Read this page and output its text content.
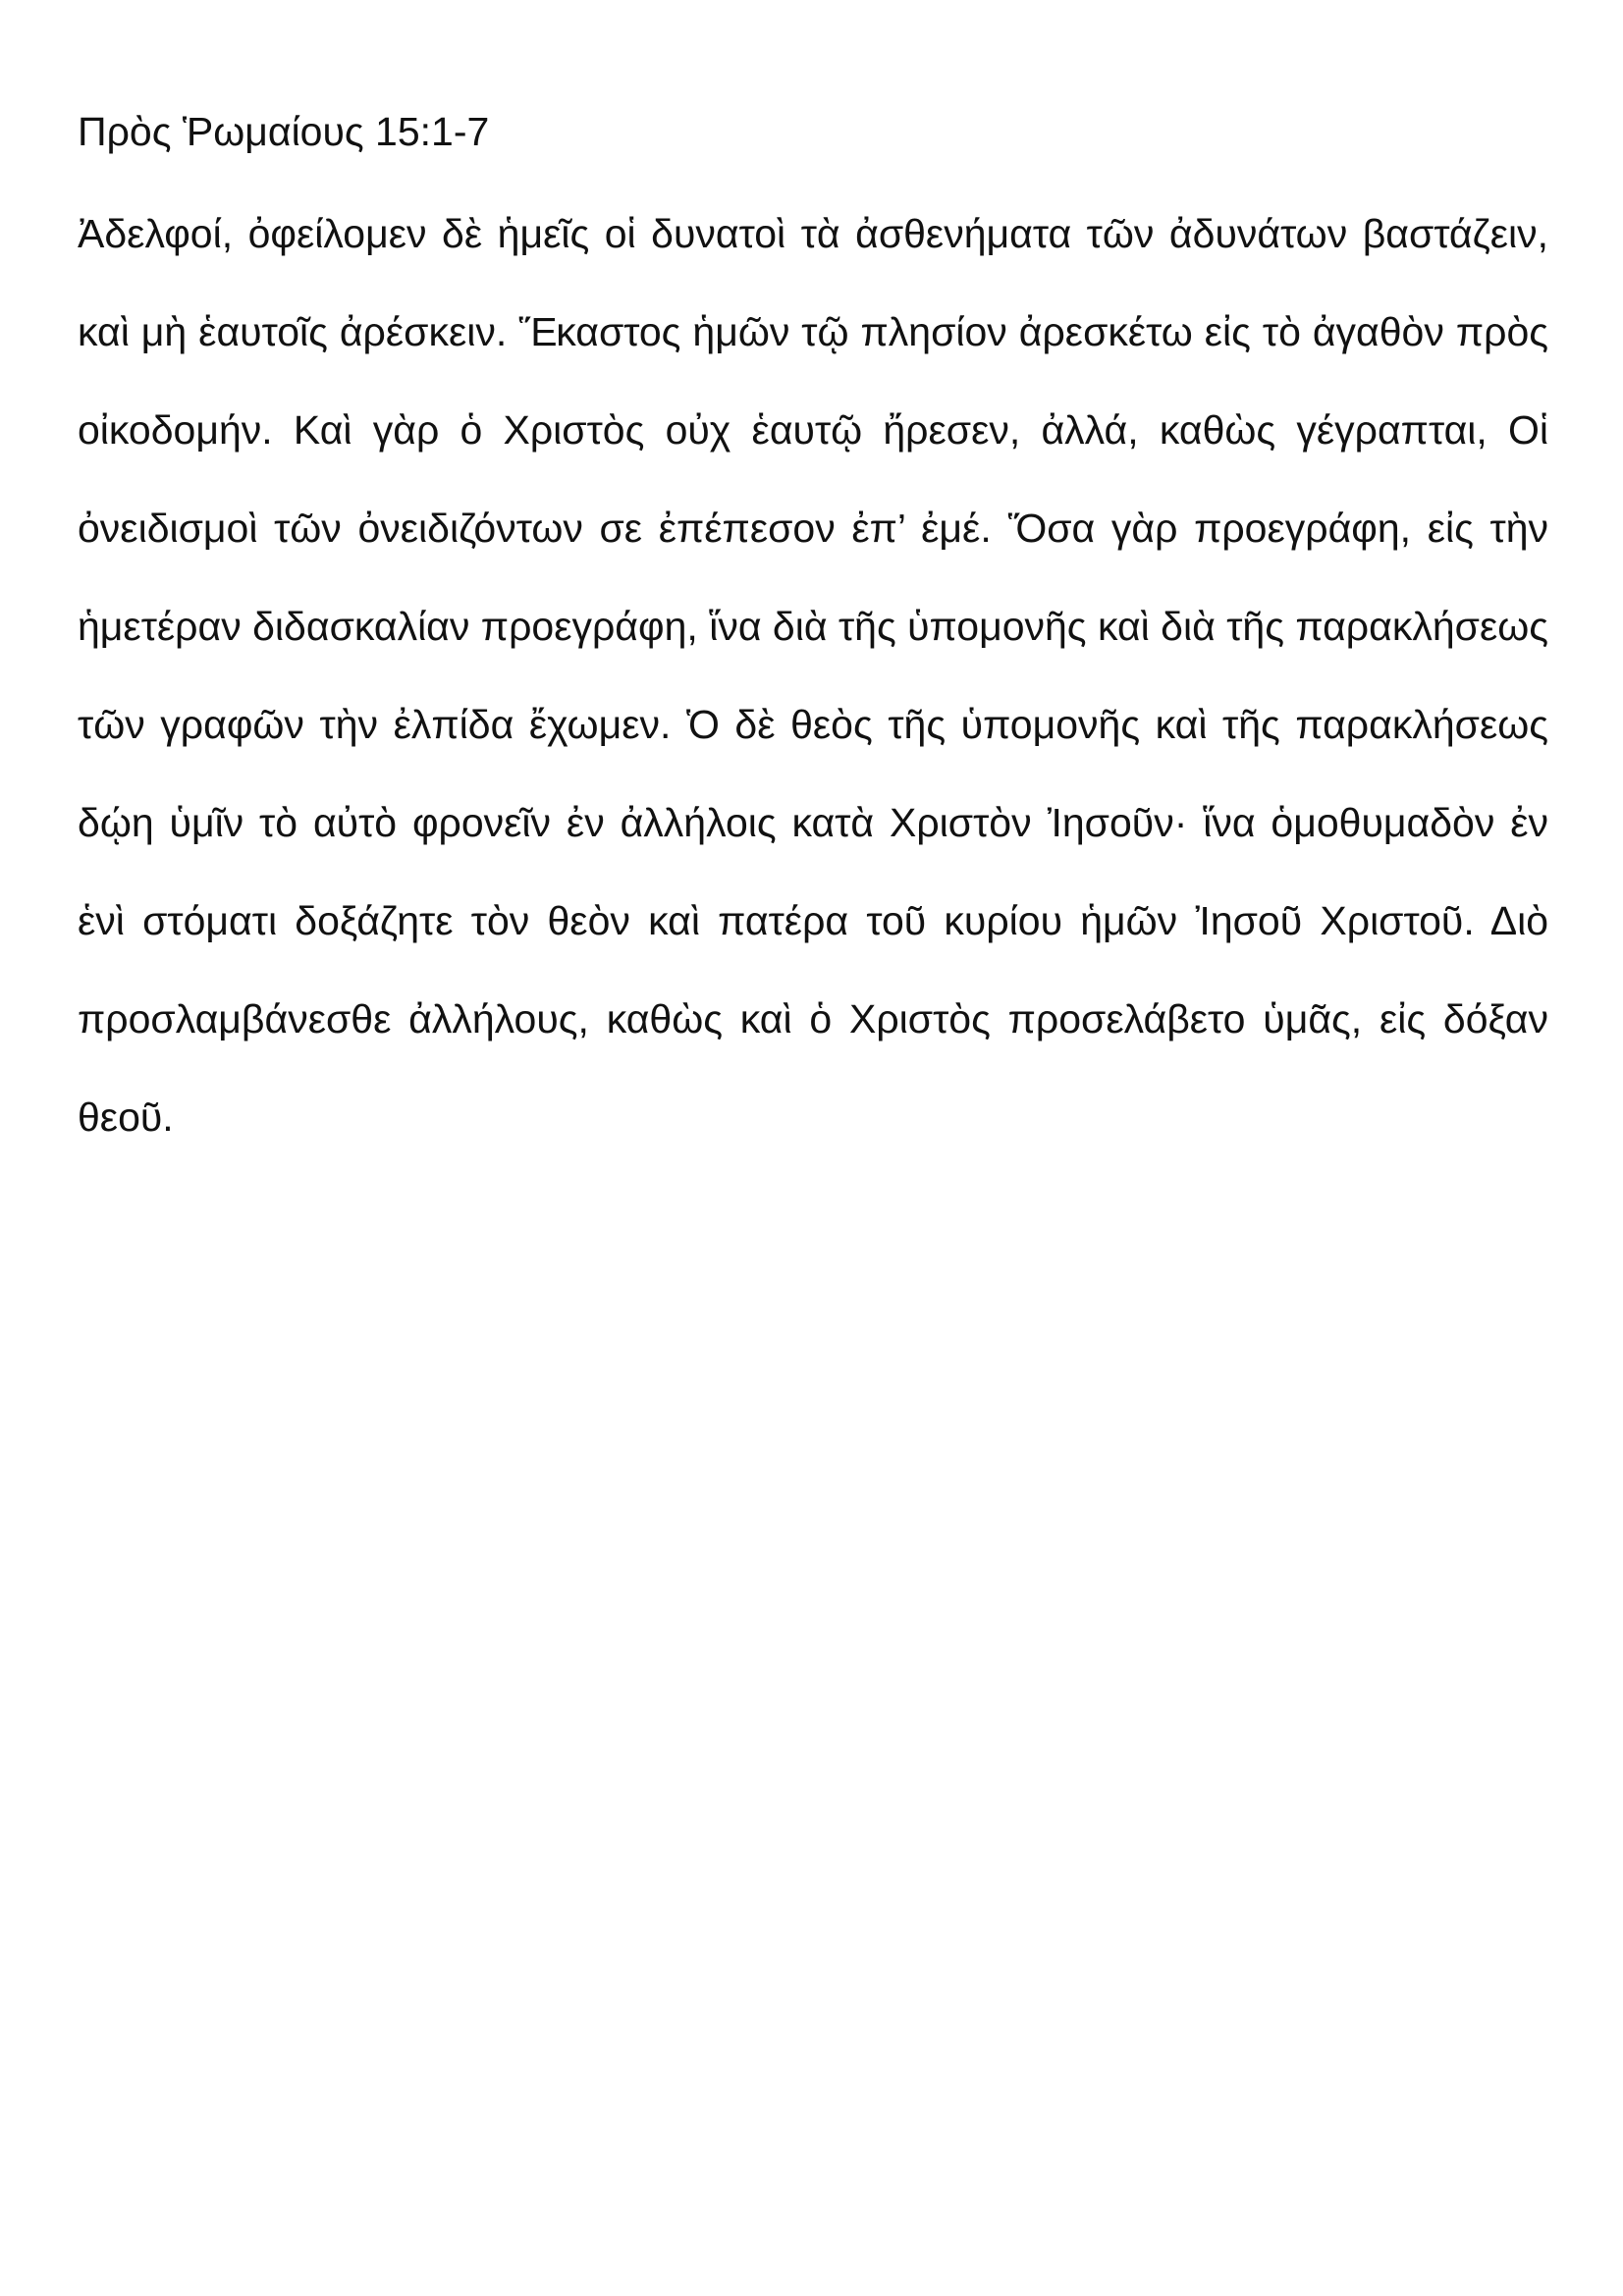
Πρὸς Ῥωμαίους 15:1-7

Ἀδελφοί, ὀφείλομεν δὲ ἡμεῖς οἱ δυνατοὶ τὰ ἀσθενήματα τῶν ἀδυνάτων βαστάζειν, καὶ μὴ ἑαυτοῖς ἀρέσκειν. Ἕκαστος ἡμῶν τῷ πλησίον ἀρεσκέτω εἰς τὸ ἀγαθὸν πρὸς οἰκοδομήν. Καὶ γὰρ ὁ Χριστὸς οὐχ ἑαυτῷ ἤρεσεν, ἀλλά, καθὼς γέγραπται, Οἱ ὀνειδισμοὶ τῶν ὀνειδιζόντων σε ἐπέπεσον ἐπ’ ἐμέ. Ὅσα γὰρ προεγράφη, εἰς τὴν ἡμετέραν διδασκαλίαν προεγράφη, ἵνα διὰ τῆς ὑπομονῆς καὶ διὰ τῆς παρακλήσεως τῶν γραφῶν τὴν ἐλπίδα ἔχωμεν. Ὁ δὲ θεὸς τῆς ὑπομονῆς καὶ τῆς παρακλήσεως δῴη ὑμῖν τὸ αὐτὸ φρονεῖν ἐν ἀλλήλοις κατὰ Χριστὸν Ἰησοῦν· ἵνα ὁμοθυμαδὸν ἐν ἑνὶ στόματι δοξάζητε τὸν θεὸν καὶ πατέρα τοῦ κυρίου ἡμῶν Ἰησοῦ Χριστοῦ. Διὸ προσλαμβάνεσθε ἀλλήλους, καθὼς καὶ ὁ Χριστὸς προσελάβετο ὑμᾶς, εἰς δόξαν θεοῦ.
